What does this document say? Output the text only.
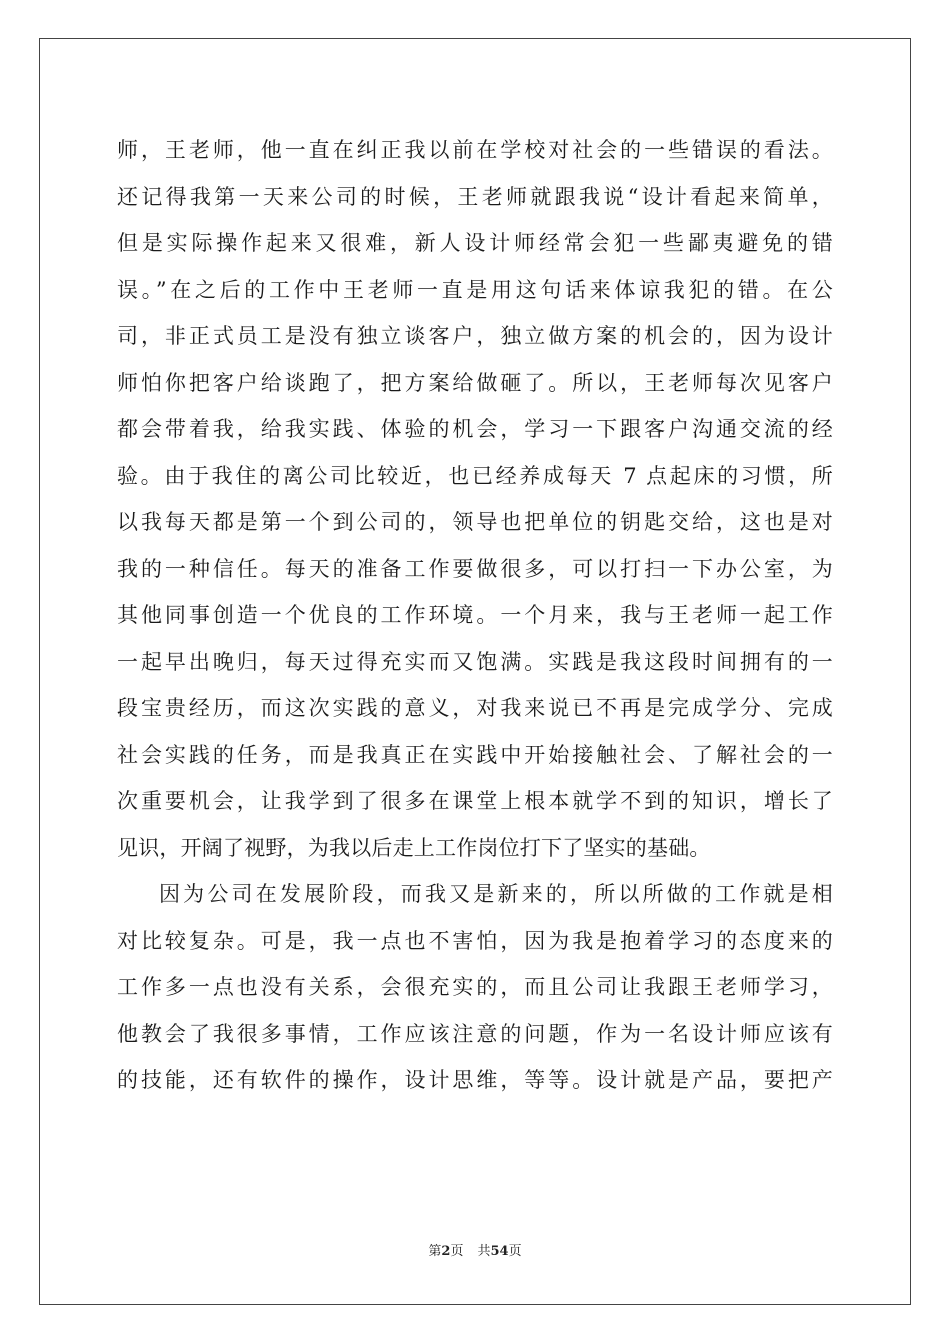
师，王老师，他一直在纠正我以前在学校对社会的一些错误的看法。
还记得我第一天来公司的时候，王老师就跟我说“设计看起来简单，
但是实际操作起来又很难，新人设计师经常会犯一些鄙夷避免的错
误。”在之后的工作中王老师一直是用这句话来体谅我犯的错。在公
司，非正式员工是没有独立谈客户，独立做方案的机会的，因为设计
师怕你把客户给谈跑了，把方案给做砸了。所以，王老师每次见客户
都会带着我，给我实践、体验的机会，学习一下跟客户沟通交流的经
验。由于我住的离公司比较近，也已经养成每天 7 点起床的习惯，所
以我每天都是第一个到公司的，领导也把单位的钥匙交给，这也是对
我的一种信任。每天的准备工作要做很多，可以打扫一下办公室，为
其他同事创造一个优良的工作环境。一个月来，我与王老师一起工作
一起早出晚归，每天过得充实而又饱满。实践是我这段时间拥有的一
段宝贵经历，而这次实践的意义，对我来说已不再是完成学分、完成
社会实践的任务，而是我真正在实践中开始接触社会、了解社会的一
次重要机会，让我学到了很多在课堂上根本就学不到的知识，增长了
见识，开阔了视野，为我以后走上工作岗位打下了坚实的基础。
因为公司在发展阶段，而我又是新来的，所以所做的工作就是相
对比较复杂。可是，我一点也不害怕，因为我是抱着学习的态度来的
工作多一点也没有关系，会很充实的，而且公司让我跟王老师学习，
他教会了我很多事情，工作应该注意的问题，作为一名设计师应该有
的技能，还有软件的操作，设计思维，等等。设计就是产品，要把产
第2页 共54页
